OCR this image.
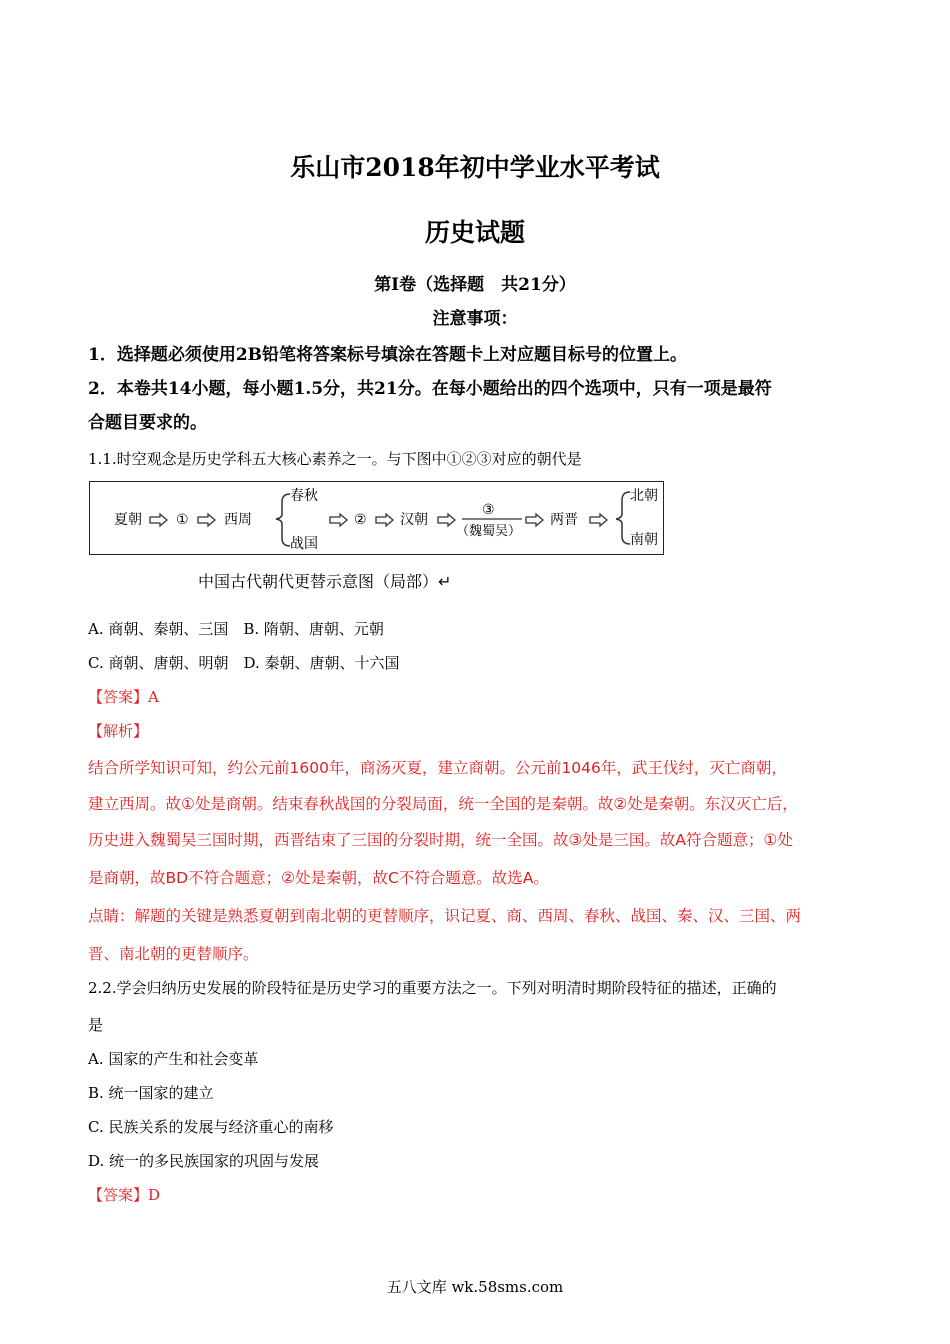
乐山市2018年初中学业水平考试
历史试题
第Ⅰ卷（选择题　共21分）
注意事项：
1．选择题必须使用2B铅笔将答案标号填涂在答题卡上对应题目标号的位置上。
2．本卷共14小题，每小题1.5分，共21分。在每小题给出的四个选项中，只有一项是最符
合题目要求的。
1.1.时空观念是历史学科五大核心素养之一。与下图中①②③对应的朝代是
夏朝 ①	西周
春秋
战国
② 汉朝
③
（魏蜀吴）
两晋
北朝
南朝
中国古代朝代更替示意图（局部）↵
A. 商朝、秦朝、三国　B. 隋朝、唐朝、元朝
C. 商朝、唐朝、明朝　D. 秦朝、唐朝、十六国
【答案】A
【解析】
结合所学知识可知，约公元前1600年，商汤灭夏，建立商朝。公元前1046年，武王伐纣，灭亡商朝，
建立西周。故①处是商朝。结束春秋战国的分裂局面，统一全国的是秦朝。故②处是秦朝。东汉灭亡后，
历史进入魏蜀吴三国时期，西晋结束了三国的分裂时期，统一全国。故③处是三国。故A符合题意；①处
是商朝，故BD不符合题意；②处是秦朝，故C不符合题意。故选A。
点睛：解题的关键是熟悉夏朝到南北朝的更替顺序，识记夏、商、西周、春秋、战国、秦、汉、三国、两
晋、南北朝的更替顺序。
2.2.学会归纳历史发展的阶段特征是历史学习的重要方法之一。下列对明清时期阶段特征的描述，正确的
是
A. 国家的产生和社会变革
B. 统一国家的建立
C. 民族关系的发展与经济重心的南移
D. 统一的多民族国家的巩固与发展
【答案】D
五八文库 wk.58sms.com
